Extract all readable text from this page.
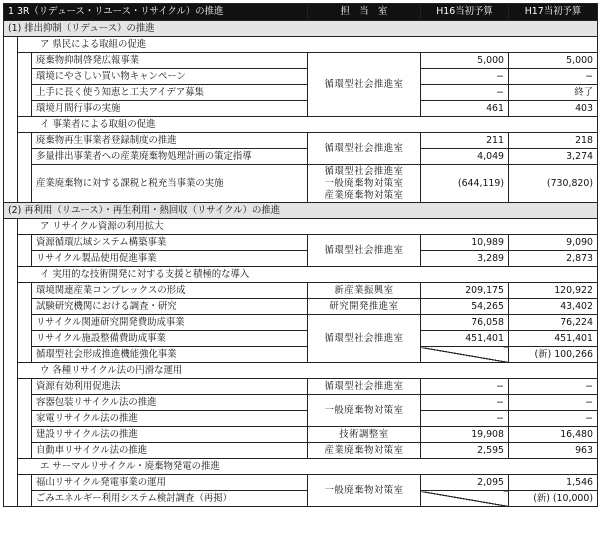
1 3R（リデュース・リユース・リサイクル）の推進			担　当　室	H16当初予算	H17当初予算
(1) 排出抑制（リデュース）の推進					
	ア 県民による取組の促進				
		廃棄物抑制啓発広報事業	循環型社会推進室	5,000	5,000
		環境にやさしい買い物キャンペーン		−	−
		上手に長く使う知恵と工夫アイデア募集		−	終了
		環境月間行事の実施		461	403
	イ 事業者による取組の促進				
		廃棄物再生事業者登録制度の推進	循環型社会推進室	211	218
		多量排出事業者への産業廃棄物処理計画の策定指導		4,049	3,274
		産業廃棄物に対する課税と税充当事業の実施	循環型社会推進室
一般廃棄物対策室
産業廃棄物対策室	(644,119)	(730,820)
(2) 再利用（リユース）・再生利用・熱回収（リサイクル）の推進					
	ア リサイクル資源の利用拡大				
		資源循環広域システム構築事業	循環型社会推進室	10,989	9,090
		リサイクル製品使用促進事業		3,289	2,873
	イ 実用的な技術開発に対する支援と積極的な導入				
		環境関連産業コンプレックスの形成	新産業振興室	209,175	120,922
		試験研究機関における調査・研究	研究開発推進室	54,265	43,402
		リサイクル関連研究開発費助成事業	循環型社会推進室	76,058	76,224
		リサイクル施設整備費助成事業		451,401	451,401
		循環型社会形成推進機能強化事業			(新) 100,266
	ウ 各種リサイクル法の円滑な運用				
		資源有効利用促進法	循環型社会推進室	−	−
		容器包装リサイクル法の推進	一般廃棄物対策室	−	−
		家電リサイクル法の推進		−	−
		建設リサイクル法の推進	技術調整室	19,908	16,480
		自動車リサイクル法の推進	産業廃棄物対策室	2,595	963
	エ サーマルリサイクル・廃棄物発電の推進				
		福山リサイクル発電事業の運用	一般廃棄物対策室	2,095	1,546
		ごみエネルギー利用システム検討調査（再掲）			(新) (10,000)
